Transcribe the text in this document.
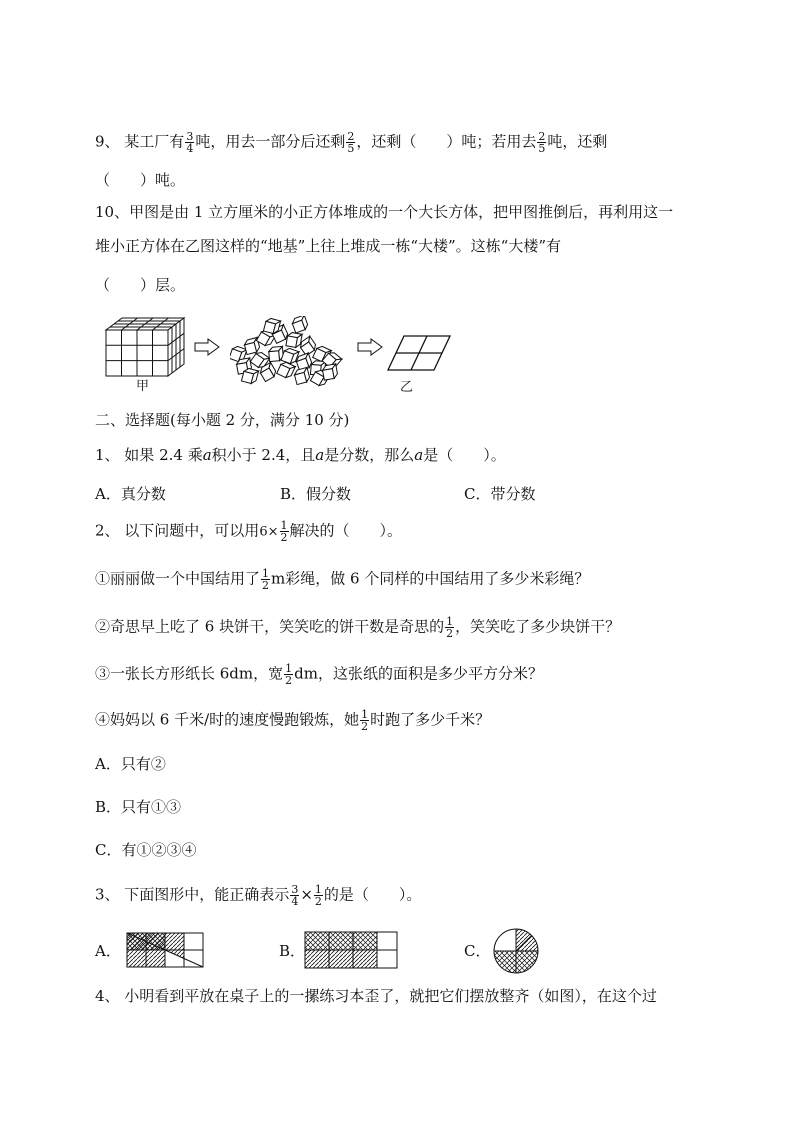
9、 某工厂有 $\frac{3}{4}$ 吨，用去一部分后还剩 $\frac{2}{5}$ ，还剩（　　）吨；若用去 $\frac{2}{5}$ 吨，还剩
（　　）吨。
10、甲图是由 1 立方厘米的小正方体堆成的一个大长方体，把甲图推倒后，再利用这一
堆小正方体在乙图这样的“地基”上往上堆成一栋“大楼”。这栋“大楼”有
（　　）层。
甲	乙
二、选择题(每小题 2 分，满分 10 分)
1、 如果 2.4 乘a积小于 2.4，且a是分数，那么a是（　　）。
A．真分数	B．假分数	C．带分数
2、 以下问题中，可以用$6\times \frac{1}{2}$ 解决的（　　）。
①丽丽做一个中国结用了 $\frac{1}{2}$ m彩绳，做 6 个同样的中国结用了多少米彩绳？
②奇思早上吃了 6 块饼干，笑笑吃的饼干数是奇思的 $\frac{1}{2}$ ，笑笑吃了多少块饼干？
③一张长方形纸长 6dm，宽 $\frac{1}{2}$ dm，这张纸的面积是多少平方分米？
④妈妈以 6 千米/时的速度慢跑锻炼，她 $\frac{1}{2}$ 时跑了多少千米？
A．只有②
B．只有①③
C．有①②③④
3、 下面图形中，能正确表示 $\frac{3}{4} \times \frac{1}{2}$ 的是（　　）。
A．	B．	C．
4、 小明看到平放在桌子上的一摞练习本歪了，就把它们摆放整齐（如图），在这个过
